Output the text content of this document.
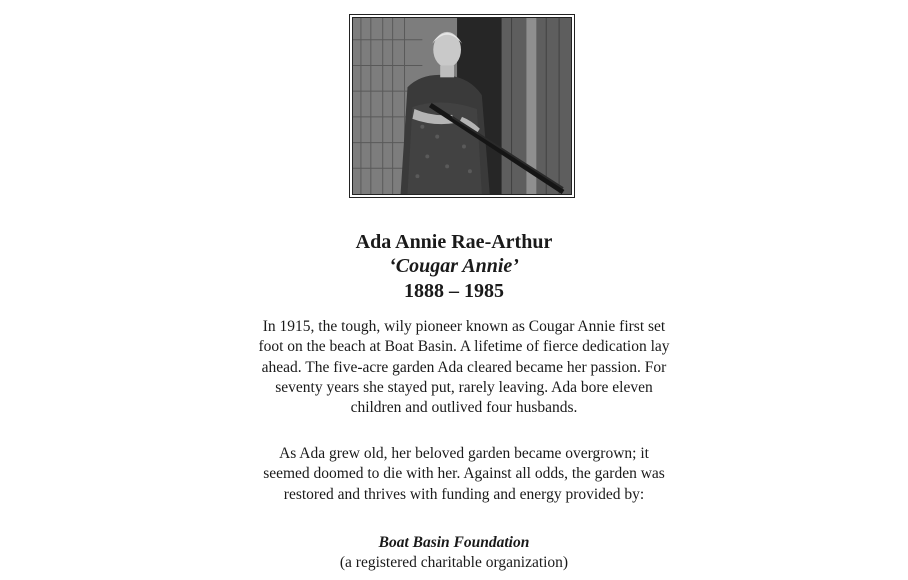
Ada Annie Rae-Arthur
‘Cougar Annie’
1888 – 1985
In 1915, the tough, wily pioneer known as Cougar Annie first set foot on the beach at Boat Basin. A lifetime of fierce dedication lay ahead. The five-acre garden Ada cleared became her passion. For seventy years she stayed put, rarely leaving. Ada bore eleven children and outlived four husbands.
As Ada grew old, her beloved garden became overgrown; it seemed doomed to die with her. Against all odds, the garden was restored and thrives with funding and energy provided by:
Boat Basin Foundation
(a registered charitable organization)
